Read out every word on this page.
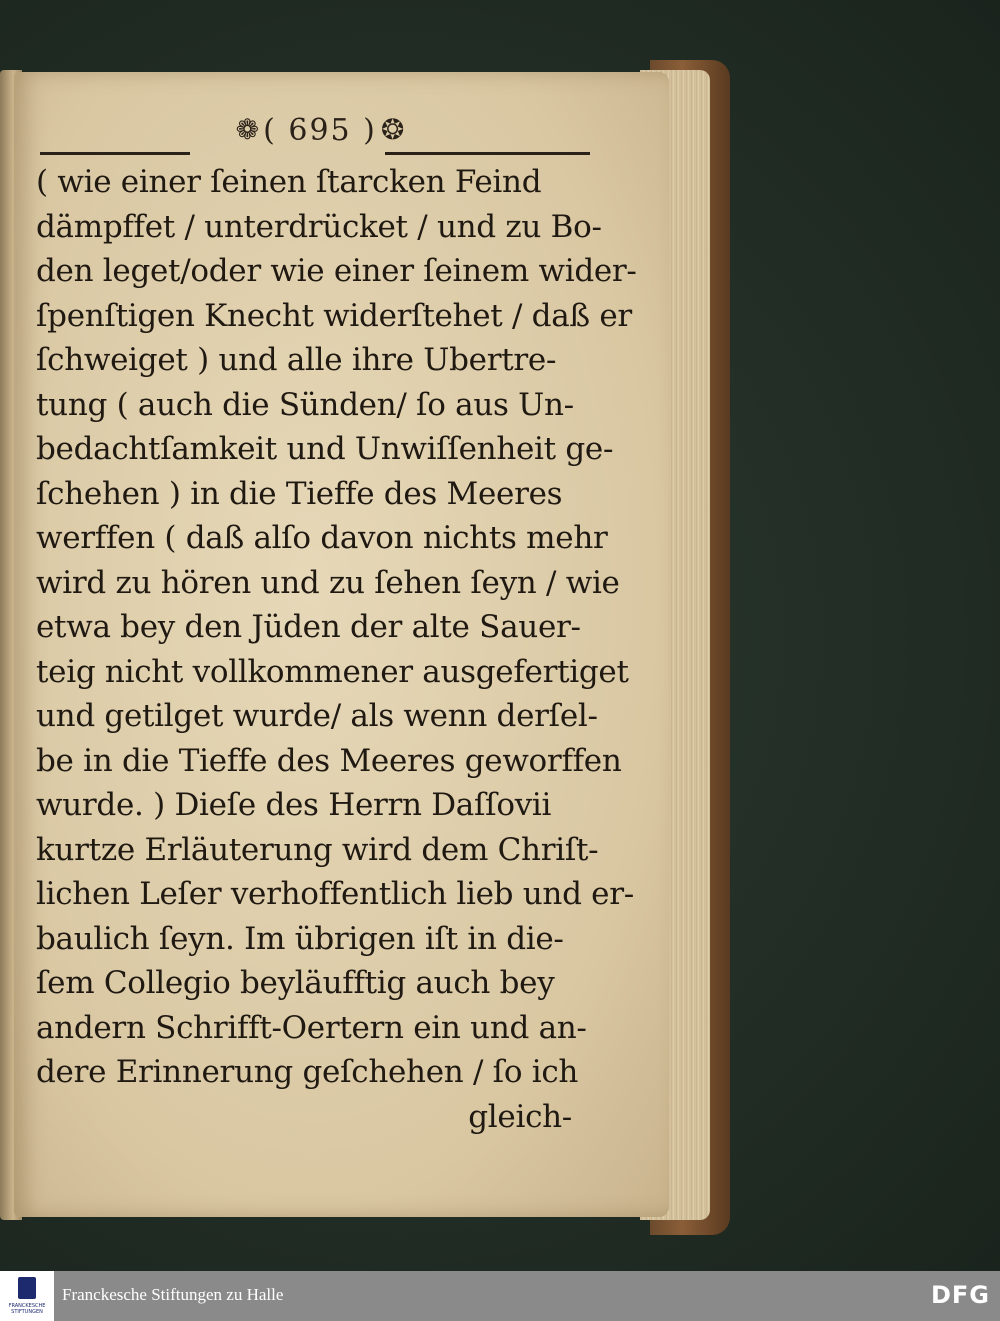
❁ ( 695 ) ❂
( wie einer ſeinen ſtarcken Feind
dämpffet / unterdrücket / und zu Bo-
den leget/oder wie einer ſeinem wider-
ſpenſtigen Knecht widerſtehet / daß er
ſchweiget ) und alle ihre Ubertre-
tung ( auch die Sünden/ ſo aus Un-
bedachtſamkeit und Unwiſſenheit ge-
ſchehen ) in die Tieffe des Meeres
werffen ( daß alſo davon nichts mehr
wird zu hören und zu ſehen ſeyn / wie
etwa bey den Jüden der alte Sauer-
teig nicht vollkommener ausgefertiget
und getilget wurde/ als wenn derſel-
be in die Tieffe des Meeres geworffen
wurde. ) Dieſe des Herrn Daſſovii
kurtze Erläuterung wird dem Chriſt-
lichen Leſer verhoffentlich lieb und er-
baulich ſeyn. Im übrigen iſt in die-
ſem Collegio beyläufftig auch bey
andern Schrifft-Oertern ein und an-
dere Erinnerung geſchehen / ſo ich
gleich-
FRANCKESCHE STIFTUNGEN
Franckesche Stiftungen zu Halle	DFG
